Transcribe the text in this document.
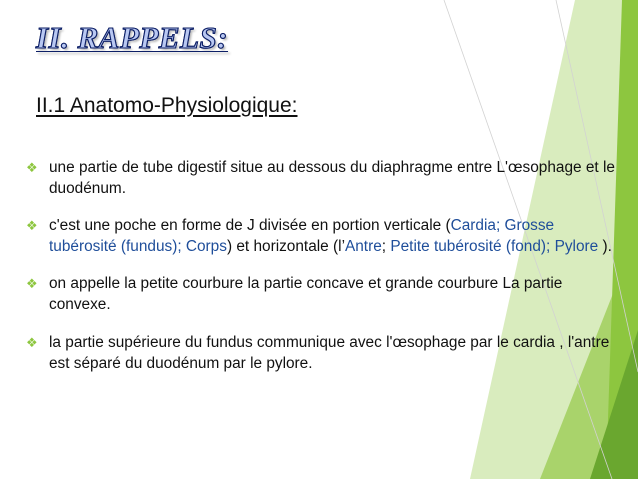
II. RAPPELS:
II.1 Anatomo-Physiologique:
❖ une partie de tube digestif situe au dessous du diaphragme entre L'œsophage et le duodénum.
❖ c'est une poche en forme de J divisée en portion verticale (Cardia; Grosse tubérosité (fundus); Corps) et horizontale (l’Antre; Petite tubérosité (fond); Pylore ).
❖ on appelle la petite courbure la partie concave et grande courbure La partie convexe.
❖ la partie supérieure du fundus communique avec l'œsophage par le cardia , l'antre est séparé du duodénum par le pylore.
